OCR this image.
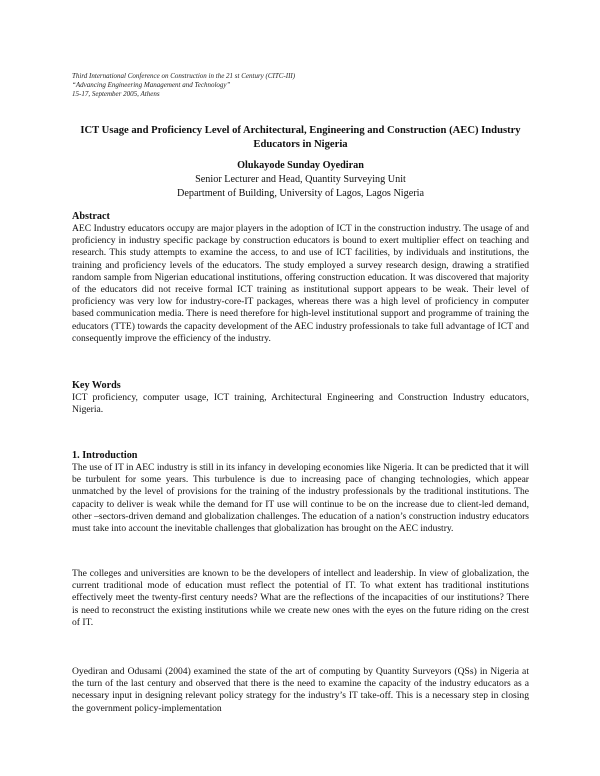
Third International Conference on Construction in the 21 st Century (CITC-III)
“Advancing Engineering Management and Technology”
15-17, September 2005, Athens
ICT Usage and Proficiency Level of Architectural, Engineering and Construction (AEC) Industry
Educators in Nigeria
Olukayode Sunday Oyediran
Senior Lecturer and Head, Quantity Surveying Unit
Department of Building, University of Lagos, Lagos Nigeria
Abstract
AEC Industry educators occupy are major players in the adoption of ICT in the construction industry. The usage of and proficiency in industry specific package by construction educators is bound to exert multiplier effect on teaching and research. This study attempts to examine the access, to and use of ICT facilities, by individuals and institutions, the training and proficiency levels of the educators. The study employed a survey research design, drawing a stratified random sample from Nigerian educational institutions, offering construction education. It was discovered that majority of the educators did not receive formal ICT training as institutional support appears to be weak. Their level of proficiency was very low for industry-core-IT packages, whereas there was a high level of proficiency in computer based communication media. There is need therefore for high-level institutional support and programme of training the educators (TTE) towards the capacity development of the AEC industry professionals to take full advantage of ICT and consequently improve the efficiency of the industry.
Key Words
ICT proficiency, computer usage, ICT training, Architectural Engineering and Construction Industry educators, Nigeria.
1. Introduction
The use of IT in AEC industry is still in its infancy in developing economies like Nigeria. It can be predicted that it will be turbulent for some years. This turbulence is due to increasing pace of changing technologies, which appear unmatched by the level of provisions for the training of the industry professionals by the traditional institutions. The capacity to deliver is weak while the demand for IT use will continue to be on the increase due to client-led demand, other –sectors-driven demand and globalization challenges. The education of a nation’s construction industry educators must take into account the inevitable challenges that globalization has brought on the AEC industry.
The colleges and universities are known to be the developers of intellect and leadership. In view of globalization, the current traditional mode of education must reflect the potential of IT. To what extent has traditional institutions effectively meet the twenty-first century needs? What are the reflections of the incapacities of our institutions? There is need to reconstruct the existing institutions while we create new ones with the eyes on the future riding on the crest of IT.
Oyediran and Odusami (2004) examined the state of the art of computing by Quantity Surveyors (QSs) in Nigeria at the turn of the last century and observed that there is the need to examine the capacity of the industry educators as a necessary input in designing relevant policy strategy for the industry’s IT take-off. This is a necessary step in closing the government policy-implementation
